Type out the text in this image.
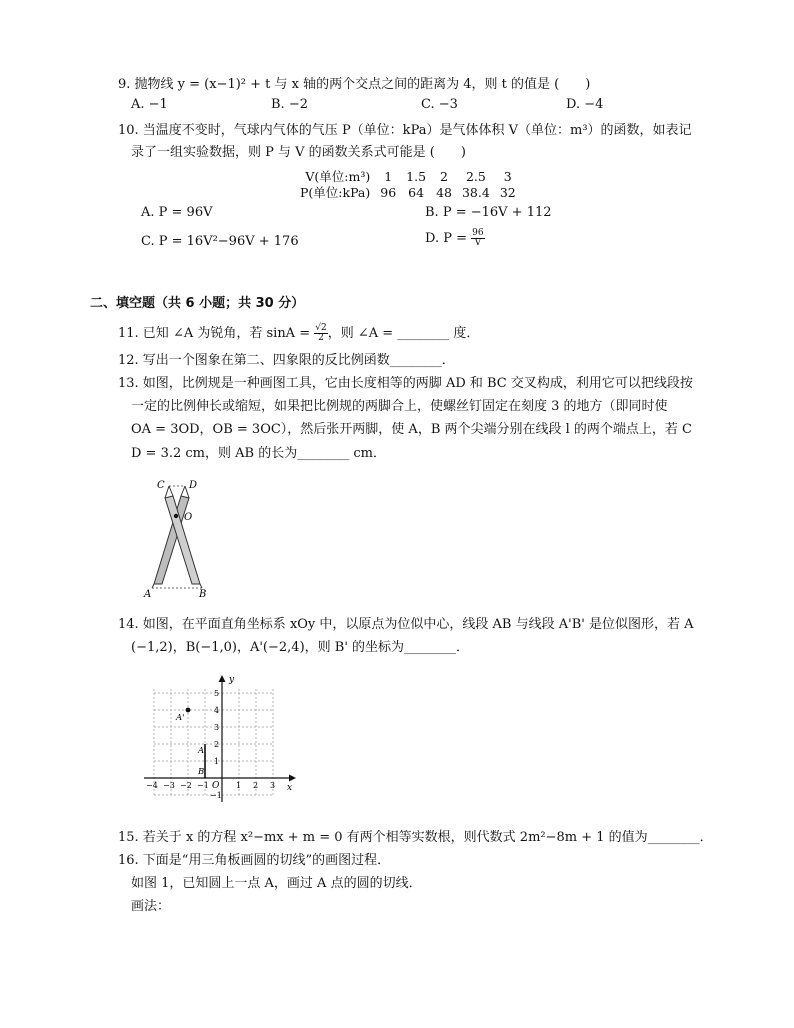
9. 抛物线 y = (x−1)² + t 与 x 轴的两个交点之间的距离为 4，则 t 的值是 (　　)
A. −1	B. −2	C. −3	D. −4
10. 当温度不变时，气球内气体的气压 P（单位：kPa）是气体体积 V（单位：m³）的函数，如表记
录了一组实验数据，则 P 与 V 的函数关系式可能是 (　　)
V(单位:m³)	1	1.5	2	2.5	3
P(单位:kPa)	96	64	48	38.4	32
A. P = 96V	B. P = −16V + 112
C. P = 16V²−96V + 176	D. $P = \frac{96}{V}$
二、填空题（共 6 小题；共 30 分）
11. 已知 ∠A 为锐角，若 $\sin A = \frac{√2}{2}$ ，则 ∠A = ________ 度．
12. 写出一个图象在第二、四象限的反比例函数________．
13. 如图，比例规是一种画图工具，它由长度相等的两脚 AD 和 BC 交叉构成，利用它可以把线段按
一定的比例伸长或缩短，如果把比例规的两脚合上，使螺丝钉固定在刻度 3 的地方（即同时使
OA = 3OD，OB = 3OC），然后张开两脚，使 A，B 两个尖端分别在线段 l 的两个端点上，若 C
D = 3.2 cm，则 AB 的长为________ cm．
C D
O
A	B
14. 如图，在平面直角坐标系 xOy 中，以原点为位似中心，线段 AB 与线段 A'B' 是位似图形，若 A
(−1,2)，B(−1,0)，A'(−2,4)，则 B' 的坐标为________．
y
x
O
−4 −3 −2 −1	1 2 3
5
4
3
2
1
−1
A'
A
B
15. 若关于 x 的方程 x²−mx + m = 0 有两个相等实数根，则代数式 2m²−8m + 1 的值为________．
16. 下面是“用三角板画圆的切线”的画图过程．
如图 1，已知圆上一点 A，画过 A 点的圆的切线．
画法：
